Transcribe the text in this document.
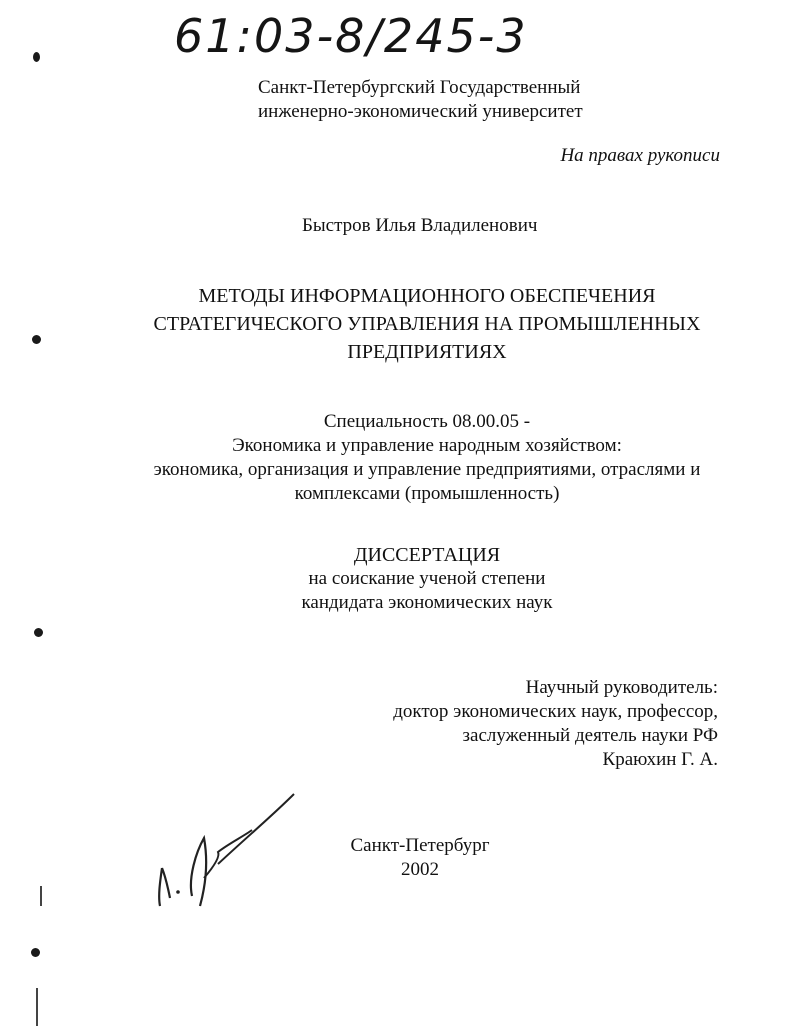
61:03-8/245-3
Санкт-Петербургский Государственный
инженерно-экономический университет
На правах рукописи
Быстров Илья Владиленович
МЕТОДЫ ИНФОРМАЦИОННОГО ОБЕСПЕЧЕНИЯ
СТРАТЕГИЧЕСКОГО УПРАВЛЕНИЯ НА ПРОМЫШЛЕННЫХ
ПРЕДПРИЯТИЯХ
Специальность 08.00.05 -
Экономика и управление народным хозяйством:
экономика, организация и управление предприятиями, отраслями и
комплексами (промышленность)
ДИССЕРТАЦИЯ
на соискание ученой степени
кандидата экономических наук
Научный руководитель:
доктор экономических наук, профессор,
заслуженный деятель науки РФ
Краюхин Г. А.
Санкт-Петербург
2002
